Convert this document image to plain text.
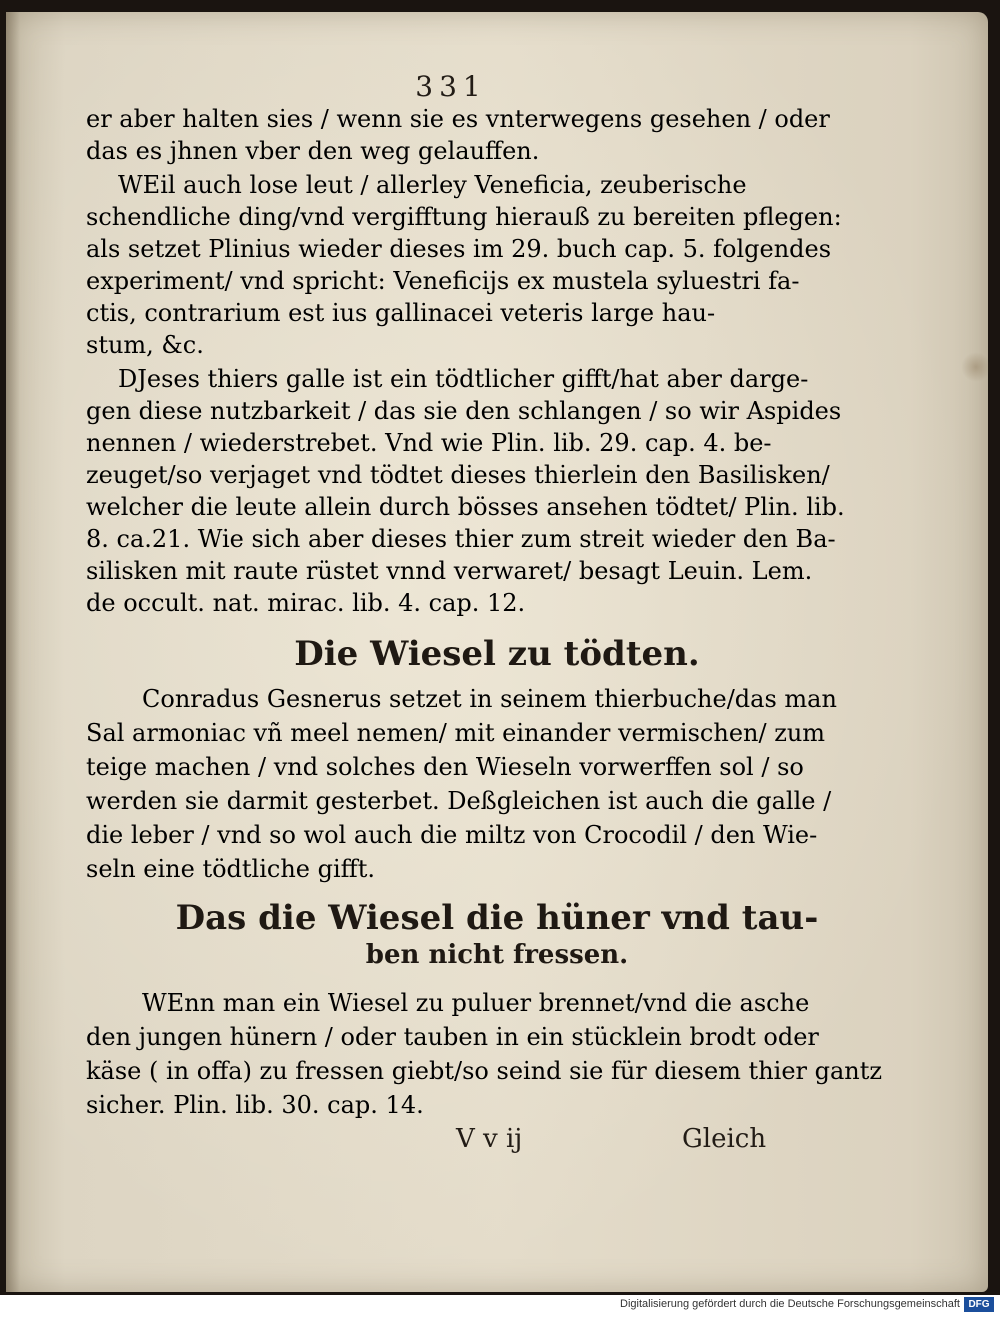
331
er aber halten sies / wenn sie es vnterwegens gesehen / oder
das es jhnen vber den weg gelauffen.
WEil auch lose leut / allerley Veneficia, zeuberische
schendliche ding/vnd vergifftung hierauß zu bereiten pflegen:
als setzet Plinius wieder dieses im 29. buch cap. 5. folgendes
experiment/ vnd spricht: Veneficijs ex mustela syluestri fa-
ctis, contrarium est ius gallinacei veteris large hau-
stum, &c.
DJeses thiers galle ist ein tödtlicher gifft/hat aber darge-
gen diese nutzbarkeit / das sie den schlangen / so wir Aspides
nennen / wiederstrebet. Vnd wie Plin. lib. 29. cap. 4. be-
zeuget/so verjaget vnd tödtet dieses thierlein den Basilisken/
welcher die leute allein durch bösses ansehen tödtet/ Plin. lib.
8. ca.21. Wie sich aber dieses thier zum streit wieder den Ba-
silisken mit raute rüstet vnnd verwaret/ besagt Leuin. Lem.
de occult. nat. mirac. lib. 4. cap. 12.
Die Wiesel zu tödten.
Conradus Gesnerus setzet in seinem thierbuche/das man
Sal armoniac vñ meel nemen/ mit einander vermischen/ zum
teige machen / vnd solches den Wieseln vorwerffen sol / so
werden sie darmit gesterbet. Deßgleichen ist auch die galle /
die leber / vnd so wol auch die miltz von Crocodil / den Wie-
seln eine tödtliche gifft.
Das die Wiesel die hüner vnd tau-
ben nicht fressen.
WEnn man ein Wiesel zu puluer brennet/vnd die asche
den jungen hünern / oder tauben in ein stücklein brodt oder
käse ( in offa) zu fressen giebt/so seind sie für diesem thier gantz
sicher. Plin. lib. 30. cap. 14.
V v ij	Gleich
Digitalisierung gefördert durch die Deutsche Forschungsgemeinschaft DFG
